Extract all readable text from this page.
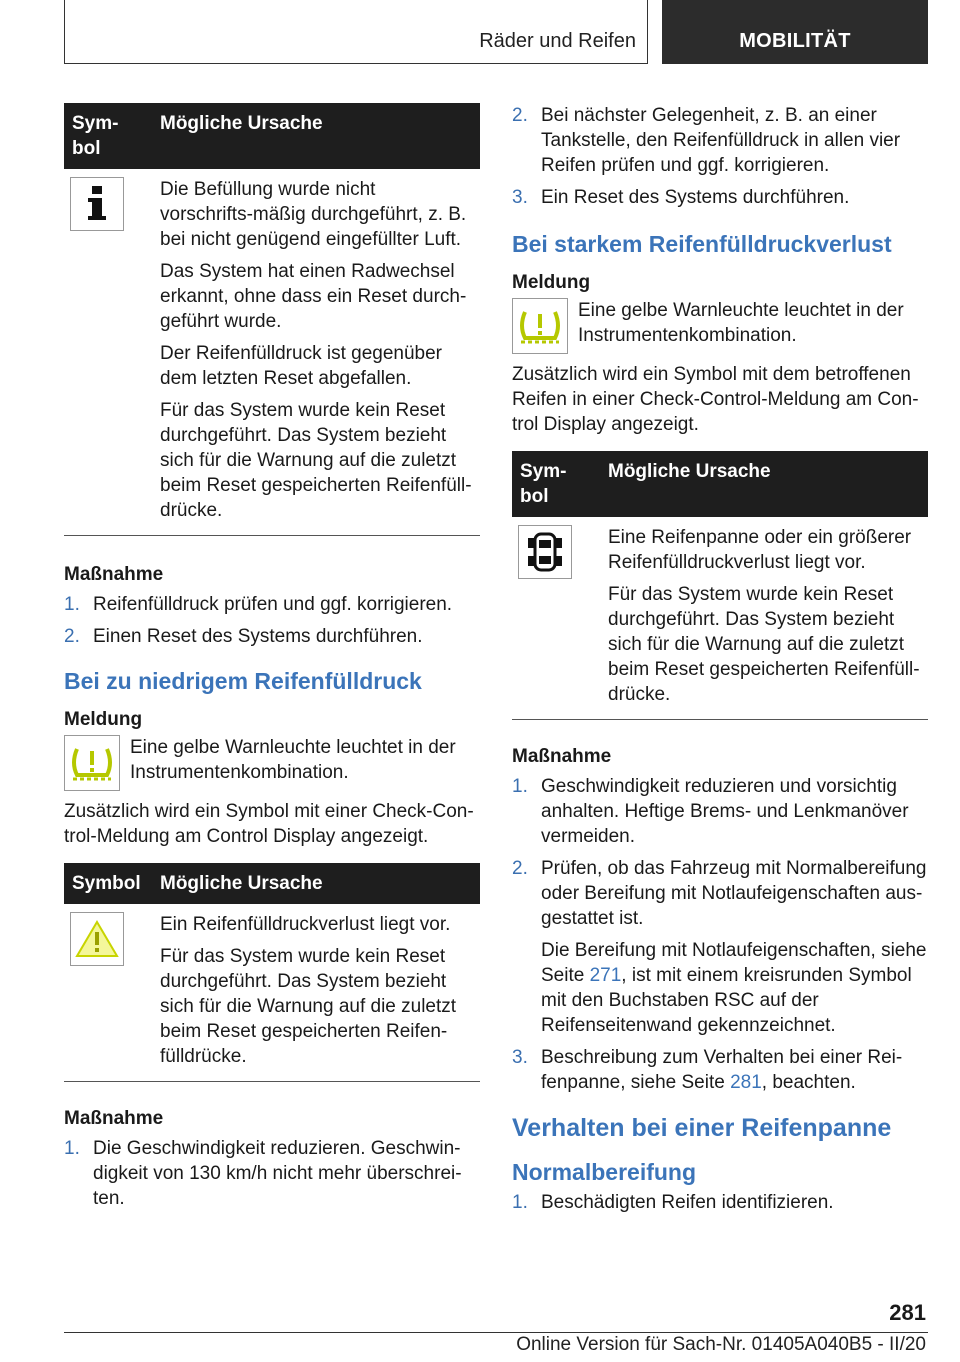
Räder und Reifen	MOBILITÄT
Sym-
bol	Mögliche Ursache

Die Befüllung wurde nicht vorschrifts-mäßig durchgeführt, z. B. bei nicht genügend eingefüllter Luft.

Das System hat einen Radwechsel erkannt, ohne dass ein Reset durch-geführt wurde.

Der Reifenfülldruck ist gegenüber dem letzten Reset abgefallen.

Für das System wurde kein Reset durchgeführt. Das System bezieht sich für die Warnung auf die zuletzt beim Reset gespeicherten Reifenfüll-drücke.

Maßnahme

1. Reifenfülldruck prüfen und ggf. korrigieren.
2. Einen Reset des Systems durchführen.

Bei zu niedrigem Reifenfülldruck

Meldung

Eine gelbe Warnleuchte leuchtet in der Instrumentenkombination.

Zusätzlich wird ein Symbol mit einer Check-Con-trol-Meldung am Control Display angezeigt.

Symbol	Mögliche Ursache

Ein Reifenfülldruckverlust liegt vor.

Für das System wurde kein Reset durchgeführt. Das System bezieht sich für die Warnung auf die zuletzt beim Reset gespeicherten Reifen-fülldrücke.

Maßnahme

1. Die Geschwindigkeit reduzieren. Geschwin-digkeit von 130 km/h nicht mehr überschrei-ten.
2. Bei nächster Gelegenheit, z. B. an einer Tankstelle, den Reifenfülldruck in allen vier Reifen prüfen und ggf. korrigieren.
3. Ein Reset des Systems durchführen.

Bei starkem Reifenfülldruckverlust

Meldung

Eine gelbe Warnleuchte leuchtet in der Instrumentenkombination.

Zusätzlich wird ein Symbol mit dem betroffenen Reifen in einer Check-Control-Meldung am Con-trol Display angezeigt.

Sym-
bol	Mögliche Ursache

Eine Reifenpanne oder ein größerer Reifenfülldruckverlust liegt vor.

Für das System wurde kein Reset durchgeführt. Das System bezieht sich für die Warnung auf die zuletzt beim Reset gespeicherten Reifenfüll-drücke.

Maßnahme

1. Geschwindigkeit reduzieren und vorsichtig anhalten. Heftige Brems- und Lenkmanöver vermeiden.
2. Prüfen, ob das Fahrzeug mit Normalbereifung oder Bereifung mit Notlaufeigenschaften aus-gestattet ist.
Die Bereifung mit Notlaufeigenschaften, siehe Seite 271, ist mit einem kreisrunden Symbol mit den Buchstaben RSC auf der Reifenseitenwand gekennzeichnet.
3. Beschreibung zum Verhalten bei einer Rei-fenpanne, siehe Seite 281, beachten.

Verhalten bei einer Reifenpanne

Normalbereifung

1. Beschädigten Reifen identifizieren.
281
Online Version für Sach-Nr. 01405A040B5 - II/20
